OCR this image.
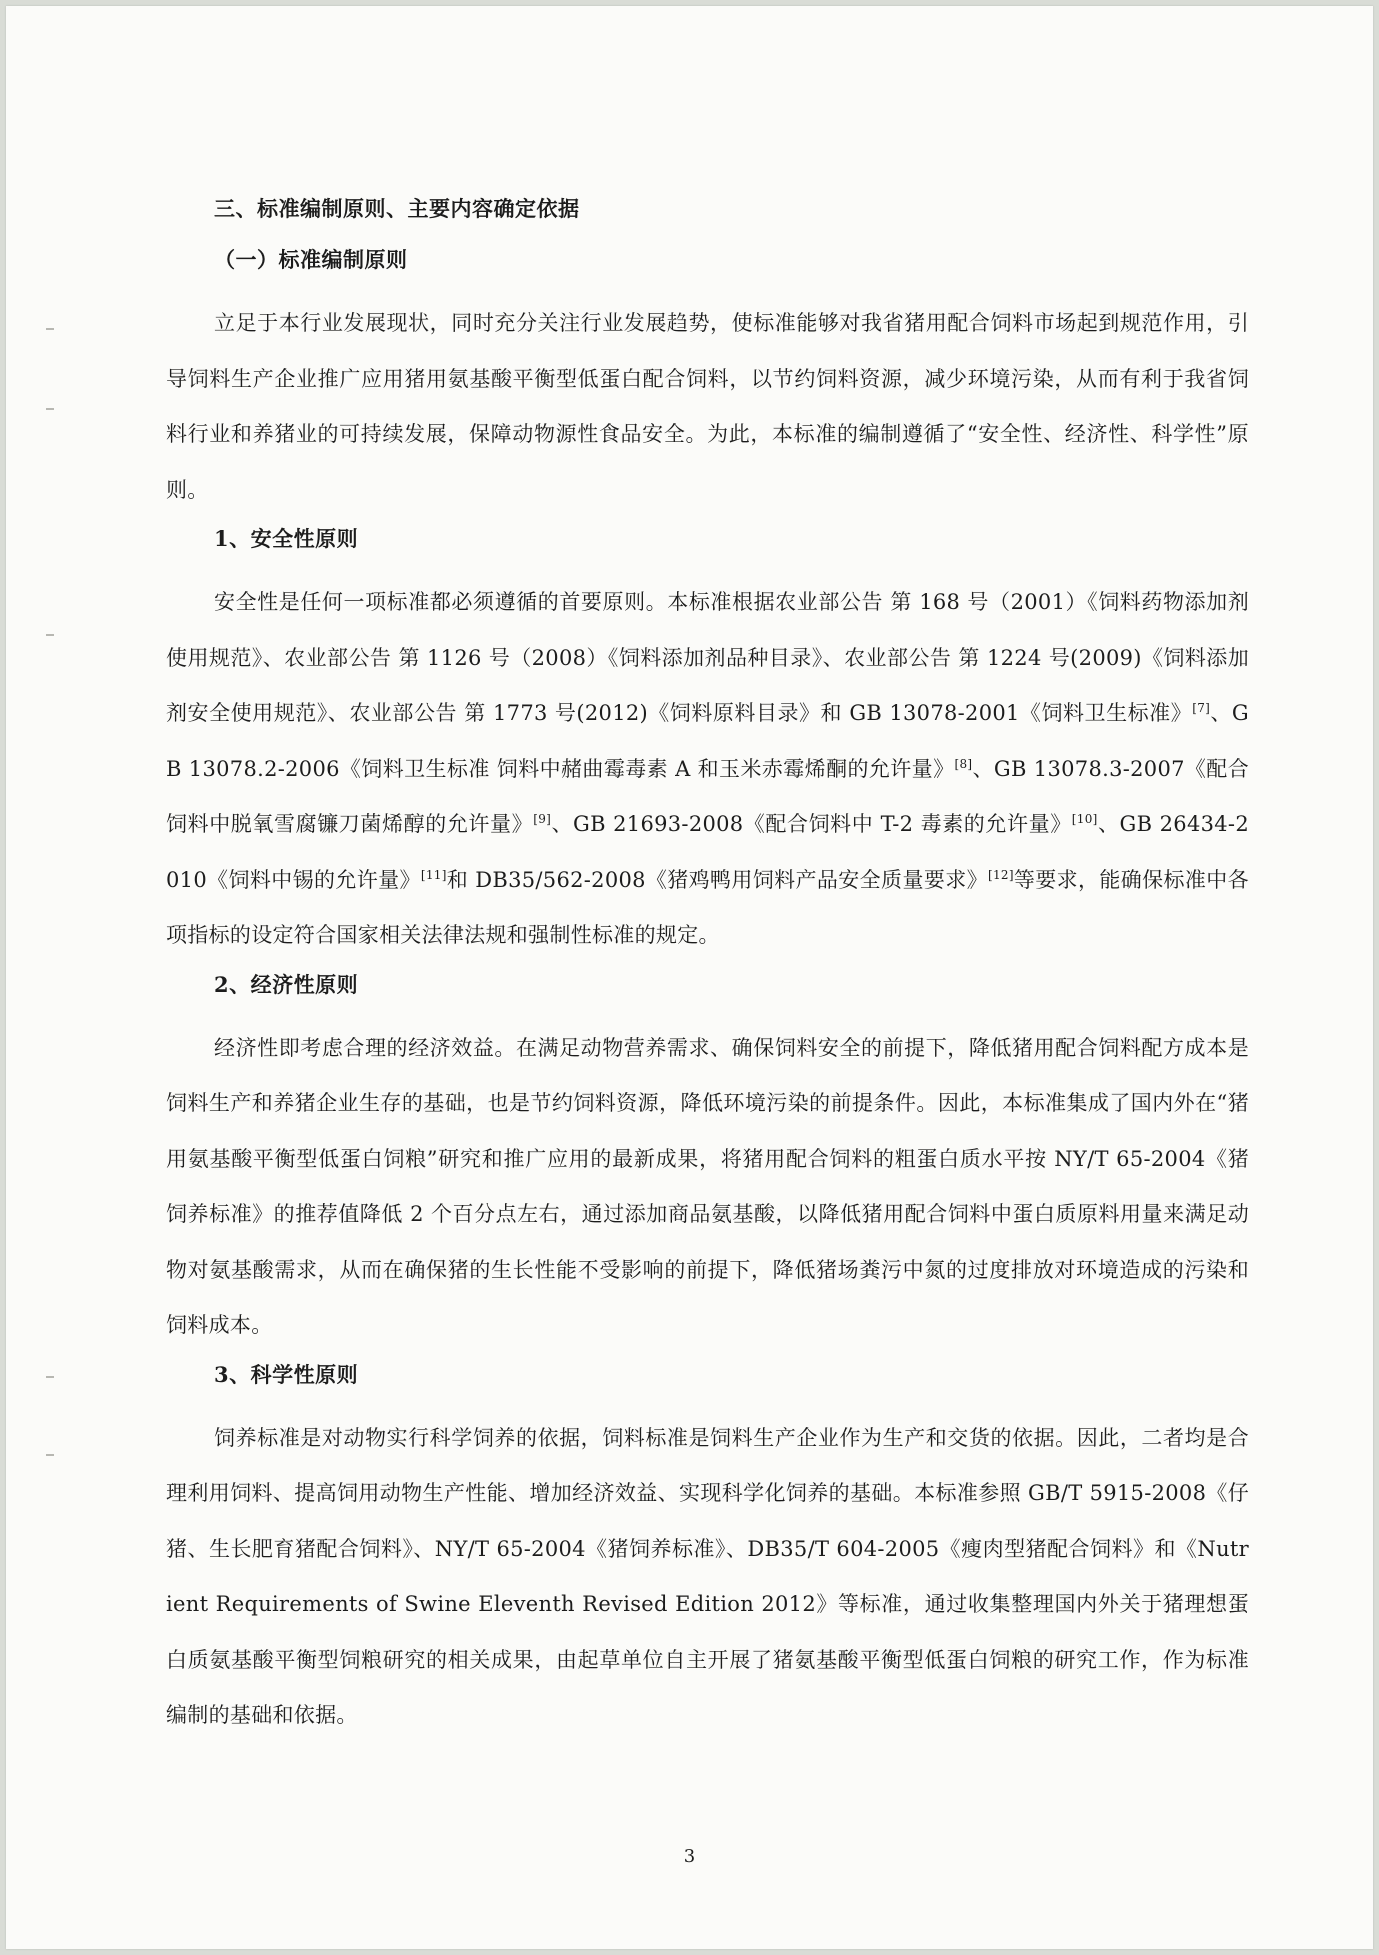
三、标准编制原则、主要内容确定依据
（一）标准编制原则

立足于本行业发展现状，同时充分关注行业发展趋势，使标准能够对我省猪用配合饲料市场起到规范作用，引导饲料生产企业推广应用猪用氨基酸平衡型低蛋白配合饲料，以节约饲料资源，减少环境污染，从而有利于我省饲料行业和养猪业的可持续发展，保障动物源性食品安全。为此，本标准的编制遵循了“安全性、经济性、科学性”原则。

1、安全性原则

安全性是任何一项标准都必须遵循的首要原则。本标准根据农业部公告 第 168 号（2001）《饲料药物添加剂使用规范》、农业部公告 第 1126 号（2008）《饲料添加剂品种目录》、农业部公告 第 1224 号(2009)《饲料添加剂安全使用规范》、农业部公告 第 1773 号(2012)《饲料原料目录》和 GB 13078-2001《饲料卫生标准》[7]、GB 13078.2-2006《饲料卫生标准 饲料中赭曲霉毒素 A 和玉米赤霉烯酮的允许量》[8]、GB 13078.3-2007《配合饲料中脱氧雪腐镰刀菌烯醇的允许量》[9]、GB 21693-2008《配合饲料中 T-2 毒素的允许量》[10]、GB 26434-2010《饲料中锡的允许量》[11]和 DB35/562-2008《猪鸡鸭用饲料产品安全质量要求》[12]等要求，能确保标准中各项指标的设定符合国家相关法律法规和强制性标准的规定。

2、经济性原则

经济性即考虑合理的经济效益。在满足动物营养需求、确保饲料安全的前提下，降低猪用配合饲料配方成本是饲料生产和养猪企业生存的基础，也是节约饲料资源，降低环境污染的前提条件。因此，本标准集成了国内外在“猪用氨基酸平衡型低蛋白饲粮”研究和推广应用的最新成果，将猪用配合饲料的粗蛋白质水平按 NY/T 65-2004《猪饲养标准》的推荐值降低 2 个百分点左右，通过添加商品氨基酸，以降低猪用配合饲料中蛋白质原料用量来满足动物对氨基酸需求，从而在确保猪的生长性能不受影响的前提下，降低猪场粪污中氮的过度排放对环境造成的污染和饲料成本。

3、科学性原则

饲养标准是对动物实行科学饲养的依据，饲料标准是饲料生产企业作为生产和交货的依据。因此，二者均是合理利用饲料、提高饲用动物生产性能、增加经济效益、实现科学化饲养的基础。本标准参照 GB/T 5915-2008《仔猪、生长肥育猪配合饲料》、NY/T 65-2004《猪饲养标准》、DB35/T 604-2005《瘦肉型猪配合饲料》和《Nutrient Requirements of Swine Eleventh Revised Edition 2012》等标准，通过收集整理国内外关于猪理想蛋白质氨基酸平衡型饲粮研究的相关成果，由起草单位自主开展了猪氨基酸平衡型低蛋白饲粮的研究工作，作为标准编制的基础和依据。

3
